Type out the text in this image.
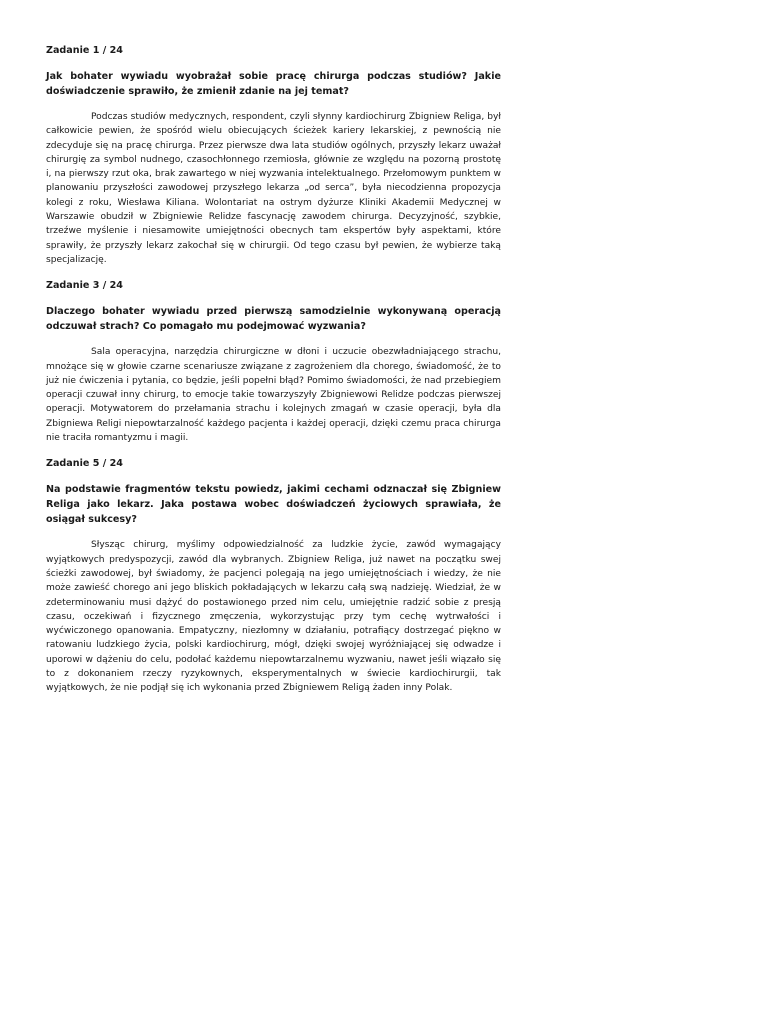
Zadanie 1 / 24

Jak bohater wywiadu wyobrażał sobie pracę chirurga podczas studiów? Jakie doświadczenie sprawiło, że zmienił zdanie na jej temat?

Podczas studiów medycznych, respondent, czyli słynny kardiochirurg Zbigniew Religa, był całkowicie pewien, że spośród wielu obiecujących ścieżek kariery lekarskiej, z pewnością nie zdecyduje się na pracę chirurga. Przez pierwsze dwa lata studiów ogólnych, przyszły lekarz uważał chirurgię za symbol nudnego, czasochłonnego rzemiosła, głównie ze względu na pozorną prostotę i, na pierwszy rzut oka, brak zawartego w niej wyzwania intelektualnego. Przełomowym punktem w planowaniu przyszłości zawodowej przyszłego lekarza „od serca”, była niecodzienna propozycja kolegi z roku, Wiesława Kiliana. Wolontariat na ostrym dyżurze Kliniki Akademii Medycznej w Warszawie obudził w Zbigniewie Relidze fascynację zawodem chirurga. Decyzyjność, szybkie, trzeźwe myślenie i niesamowite umiejętności obecnych tam ekspertów były aspektami, które sprawiły, że przyszły lekarz zakochał się w chirurgii. Od tego czasu był pewien, że wybierze taką specjalizację.

Zadanie 3 / 24

Dlaczego bohater wywiadu przed pierwszą samodzielnie wykonywaną operacją odczuwał strach? Co pomagało mu podejmować wyzwania?

Sala operacyjna, narzędzia chirurgiczne w dłoni i uczucie obezwładniającego strachu, mnożące się w głowie czarne scenariusze związane z zagrożeniem dla chorego, świadomość, że to już nie ćwiczenia i pytania, co będzie, jeśli popełni błąd? Pomimo świadomości, że nad przebiegiem operacji czuwał inny chirurg, to emocje takie towarzyszyły Zbigniewowi Relidze podczas pierwszej operacji. Motywatorem do przełamania strachu i kolejnych zmagań w czasie operacji, była dla Zbigniewa Religi niepowtarzalność każdego pacjenta i każdej operacji, dzięki czemu praca chirurga nie traciła romantyzmu i magii.

Zadanie 5 / 24

Na podstawie fragmentów tekstu powiedz, jakimi cechami odznaczał się Zbigniew Religa jako lekarz. Jaka postawa wobec doświadczeń życiowych sprawiała, że osiągał sukcesy?

Słysząc chirurg, myślimy odpowiedzialność za ludzkie życie, zawód wymagający wyjątkowych predyspozycji, zawód dla wybranych. Zbigniew Religa, już nawet na początku swej ścieżki zawodowej, był świadomy, że pacjenci polegają na jego umiejętnościach i wiedzy, że nie może zawieść chorego ani jego bliskich pokładających w lekarzu całą swą nadzieję. Wiedział, że w zdeterminowaniu musi dążyć do postawionego przed nim celu, umiejętnie radzić sobie z presją czasu, oczekiwań i fizycznego zmęczenia, wykorzystując przy tym cechę wytrwałości i wyćwiczonego opanowania. Empatyczny, niezłomny w działaniu, potrafiący dostrzegać piękno w ratowaniu ludzkiego życia, polski kardiochirurg, mógł, dzięki swojej wyróżniającej się odwadze i uporowi w dążeniu do celu, podołać każdemu niepowtarzalnemu wyzwaniu, nawet jeśli wiązało się to z dokonaniem rzeczy ryzykownych, eksperymentalnych w świecie kardiochirurgii, tak wyjątkowych, że nie podjął się ich wykonania przed Zbigniewem Religą żaden inny Polak.
